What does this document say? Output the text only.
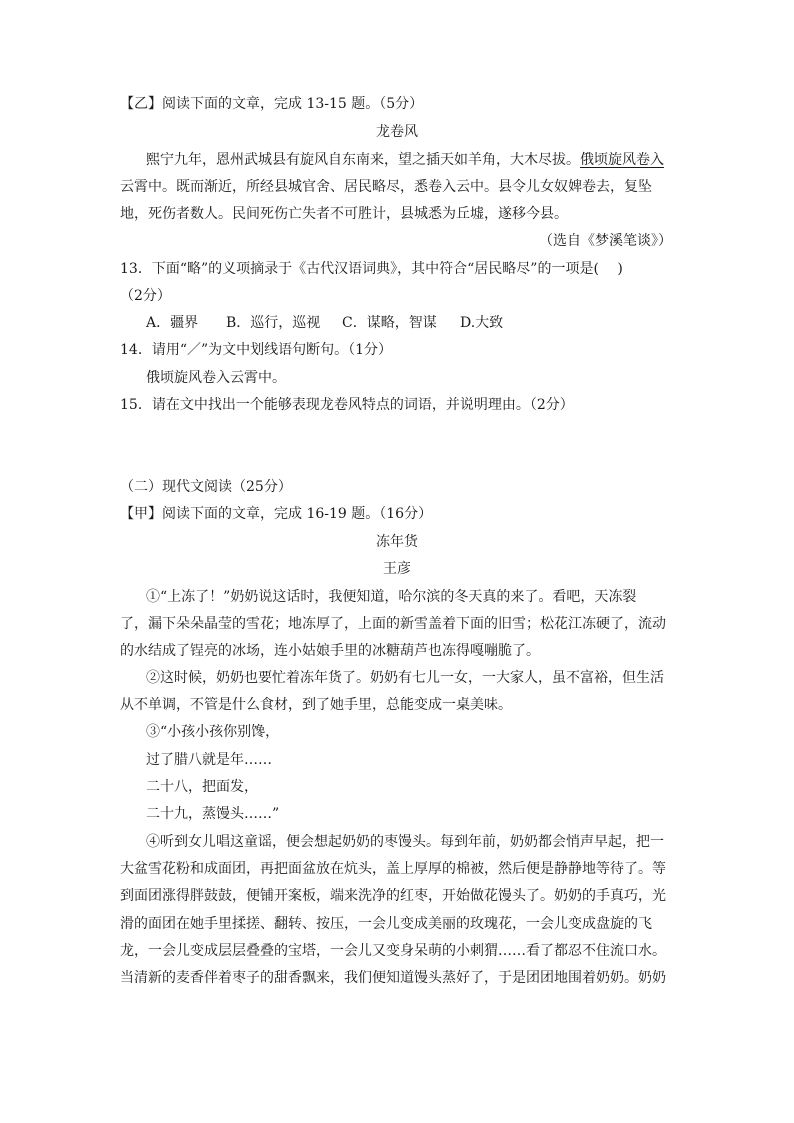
【乙】阅读下面的文章，完成 13-15 题。（5分）
龙卷风
熙宁九年，恩州武城县有旋风自东南来，望之插天如羊角，大木尽拔。俄顷旋风卷入
云霄中。既而渐近，所经县城官舍、居民略尽，悉卷入云中。县令儿女奴婢卷去，复坠
地，死伤者数人。民间死伤亡失者不可胜计，县城悉为丘墟，遂移今县。
（选自《梦溪笔谈》）
13．下面“略”的义项摘录于《古代汉语词典》，其中符合“居民略尽”的一项是(　 )
（2分）
A．疆界 B．巡行，巡视 C．谋略，智谋 D.大致
14．请用“／”为文中划线语句断句。（1分）
俄顷旋风卷入云霄中。
15．请在文中找出一个能够表现龙卷风特点的词语，并说明理由。（2分）
（二）现代文阅读（25分）
【甲】阅读下面的文章，完成 16-19 题。（16分）
冻年货
王彦
①“上冻了！”奶奶说这话时，我便知道，哈尔滨的冬天真的来了。看吧，天冻裂
了，漏下朵朵晶莹的雪花；地冻厚了，上面的新雪盖着下面的旧雪；松花江冻硬了，流动
的水结成了锃亮的冰场，连小姑娘手里的冰糖葫芦也冻得嘎嘣脆了。
②这时候，奶奶也要忙着冻年货了。奶奶有七儿一女，一大家人，虽不富裕，但生活
从不单调，不管是什么食材，到了她手里，总能变成一桌美味。
③“小孩小孩你别馋，
过了腊八就是年……
二十八，把面发，
二十九，蒸馒头……”
④听到女儿唱这童谣，便会想起奶奶的枣馒头。每到年前，奶奶都会悄声早起，把一
大盆雪花粉和成面团，再把面盆放在炕头，盖上厚厚的棉被，然后便是静静地等待了。等
到面团涨得胖鼓鼓，便铺开案板，端来洗净的红枣，开始做花馒头了。奶奶的手真巧，光
滑的面团在她手里揉搓、翻转、按压，一会儿变成美丽的玫瑰花，一会儿变成盘旋的飞
龙，一会儿变成层层叠叠的宝塔，一会儿又变身呆萌的小刺猬……看了都忍不住流口水。
当清新的麦香伴着枣子的甜香飘来，我们便知道馒头蒸好了，于是团团地围着奶奶。奶奶
